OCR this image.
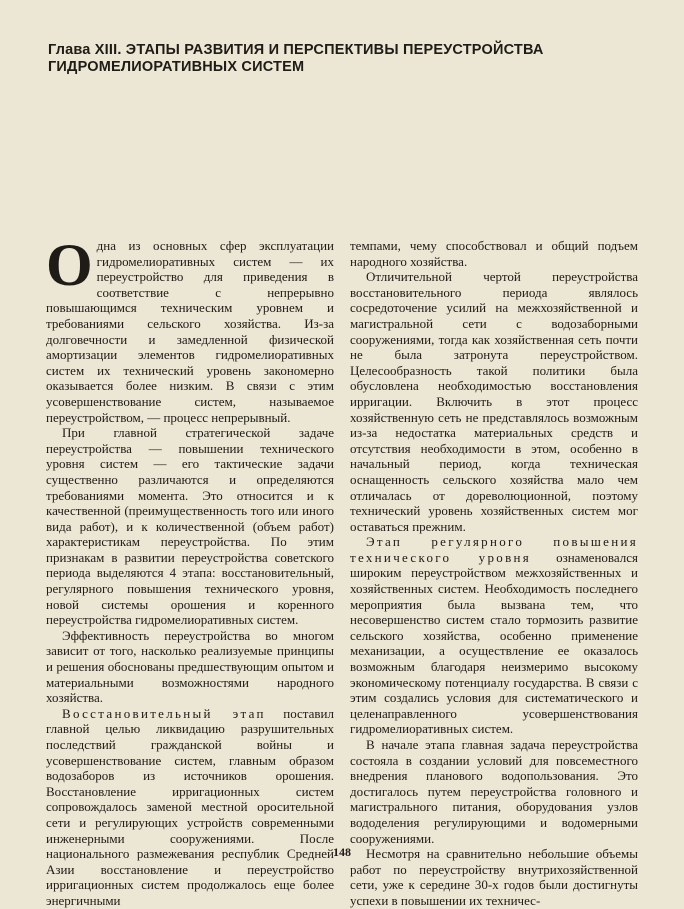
Глава XIII. ЭТАПЫ РАЗВИТИЯ И ПЕРСПЕКТИВЫ ПЕРЕУСТРОЙСТВА ГИДРОМЕЛИОРАТИВНЫХ СИСТЕМ

Одна из основных сфер эксплуатации гидромелиоративных систем — их переустройство для приведения в соответствие с непрерывно повышающимся техническим уровнем и требованиями сельского хозяйства. Из-за долговечности и замедленной физической амортизации элементов гидромелиоративных систем их технический уровень закономерно оказывается более низким. В связи с этим усовершенствование систем, называемое переустройством, — процесс непрерывный.

При главной стратегической задаче переустройства — повышении технического уровня систем — его тактические задачи существенно различаются и определяются требованиями момента. Это относится и к качественной (преимущественность того или иного вида работ), и к количественной (объем работ) характеристикам переустройства. По этим признакам в развитии переустройства советского периода выделяются 4 этапа: восстановительный, регулярного повышения технического уровня, новой системы орошения и коренного переустройства гидромелиоративных систем.

Эффективность переустройства во многом зависит от того, насколько реализуемые принципы и решения обоснованы предшествующим опытом и материальными возможностями народного хозяйства.

Восстановительный этап поставил главной целью ликвидацию разрушительных последствий гражданской войны и усовершенствование систем, главным образом водозаборов из источников орошения. Восстановление ирригационных систем сопровождалось заменой местной оросительной сети и регулирующих устройств современными инженерными сооружениями. После национального размежевания республик Средней Азии восстановление и переустройство ирригационных систем продолжалось еще более энергичными

темпами, чему способствовал и общий подъем народного хозяйства.

Отличительной чертой переустройства восстановительного периода являлось сосредоточение усилий на межхозяйственной и магистральной сети с водозаборными сооружениями, тогда как хозяйственная сеть почти не была затронута переустройством. Целесообразность такой политики была обусловлена необходимостью восстановления ирригации. Включить в этот процесс хозяйственную сеть не представлялось возможным из-за недостатка материальных средств и отсутствия необходимости в этом, особенно в начальный период, когда техническая оснащенность сельского хозяйства мало чем отличалась от дореволюционной, поэтому технический уровень хозяйственных систем мог оставаться прежним.

Этап регулярного повышения технического уровня ознаменовался широким переустройством межхозяйственных и хозяйственных систем. Необходимость последнего мероприятия была вызвана тем, что несовершенство систем стало тормозить развитие сельского хозяйства, особенно применение механизации, а осуществление ее оказалось возможным благодаря неизмеримо высокому экономическому потенциалу государства. В связи с этим создались условия для систематического и целенаправленного усовершенствования гидромелиоративных систем.

В начале этапа главная задача переустройства состояла в создании условий для повсеместного внедрения планового водопользования. Это достигалось путем переустройства головного и магистрального питания, оборудования узлов вододеления регулирующими и водомерными сооружениями.

Несмотря на сравнительно небольшие объемы работ по переустройству внутрихозяйственной сети, уже к середине 30-х годов были достигнуты успехи в повышении их техничес-

148
